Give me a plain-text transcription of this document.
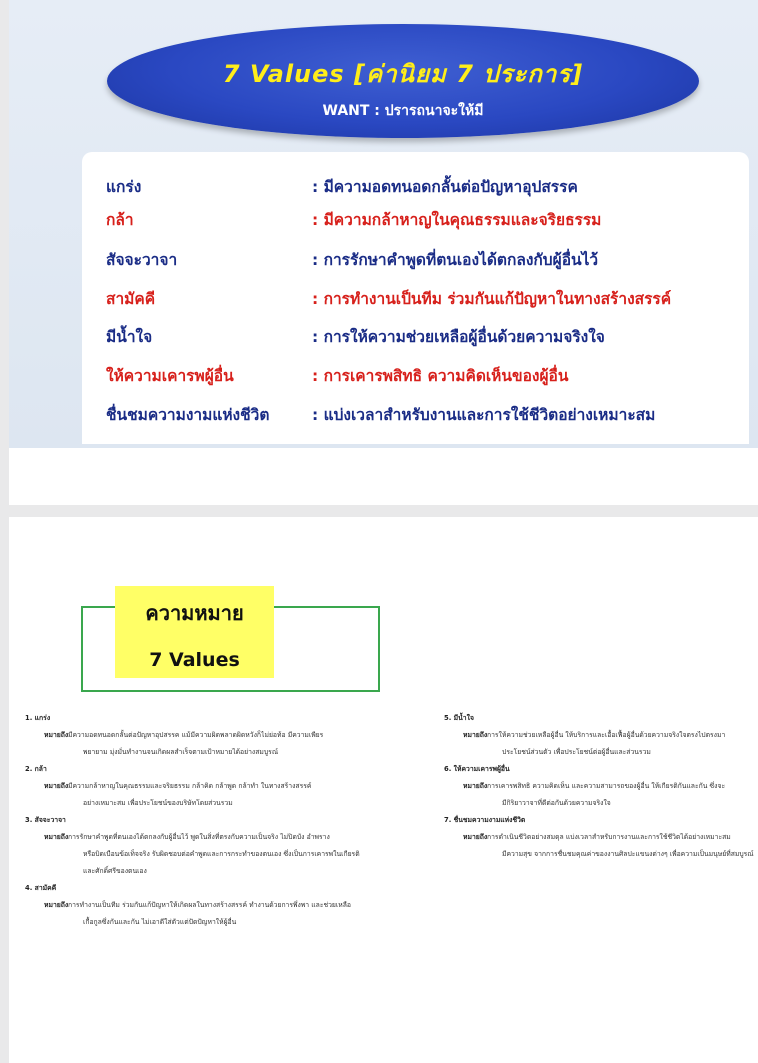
7 Values [ค่านิยม 7 ประการ]
WANT : ปรารถนาจะให้มี
แกร่ง	: มีความอดทนอดกลั้นต่อปัญหาอุปสรรค
กล้า	: มีความกล้าหาญในคุณธรรมและจริยธรรม
สัจจะวาจา	: การรักษาคำพูดที่ตนเองได้ตกลงกับผู้อื่นไว้
สามัคคี	: การทำงานเป็นทีม ร่วมกันแก้ปัญหาในทางสร้างสรรค์
มีน้ำใจ	: การให้ความช่วยเหลือผู้อื่นด้วยความจริงใจ
ให้ความเคารพผู้อื่น	: การเคารพสิทธิ ความคิดเห็นของผู้อื่น
ชื่นชมความงามแห่งชีวิต	: แบ่งเวลาสำหรับงานและการใช้ชีวิตอย่างเหมาะสม
ความหมาย
7 Values
1. แกร่ง
หมายถึง มีความอดทนอดกลั้นต่อปัญหาอุปสรรค แม้มีความผิดพลาดผิดหวังก็ไม่ย่อท้อ มีความเพียร
พยายาม มุ่งมั่นทำงานจนเกิดผลสำเร็จตามเป้าหมายได้อย่างสมบูรณ์
2. กล้า
หมายถึง มีความกล้าหาญในคุณธรรมและจริยธรรม กล้าคิด กล้าพูด กล้าทำ ในทางสร้างสรรค์
อย่างเหมาะสม เพื่อประโยชน์ของบริษัทโดยส่วนรวม
3. สัจจะวาจา
หมายถึง การรักษาคำพูดที่ตนเองได้ตกลงกับผู้อื่นไว้ พูดในสิ่งที่ตรงกับความเป็นจริง ไม่ปิดบัง อำพราง
หรือบิดเบือนข้อเท็จจริง รับผิดชอบต่อคำพูดและการกระทำของตนเอง ซึ่งเป็นการเคารพในเกียรติ
และศักดิ์ศรีของตนเอง
4. สามัคคี
หมายถึง การทำงานเป็นทีม ร่วมกันแก้ปัญหาให้เกิดผลในทางสร้างสรรค์ ทำงานด้วยการพึ่งพา และช่วยเหลือ
เกื้อกูลซึ่งกันและกัน ไม่เอาดีใส่ตัวแต่ปัดปัญหาให้ผู้อื่น
5. มีน้ำใจ
หมายถึง การให้ความช่วยเหลือผู้อื่น ให้บริการและเอื้อเฟื้อผู้อื่นด้วยความจริงใจตรงไปตรงมา
ประโยชน์ส่วนตัว เพื่อประโยชน์ต่อผู้อื่นและส่วนรวม
6. ให้ความเคารพผู้อื่น
หมายถึง การเคารพสิทธิ ความคิดเห็น และความสามารถของผู้อื่น ให้เกียรติกันและกัน ซึ่งจะ
มีกิริยาวาจาที่ดีต่อกันด้วยความจริงใจ
7. ชื่นชมความงามแห่งชีวิต
หมายถึง การดำเนินชีวิตอย่างสมดุล แบ่งเวลาสำหรับการงานและการใช้ชีวิตได้อย่างเหมาะสม
มีความสุข จากการชื่นชมคุณค่าของงานศิลปะแขนงต่างๆ เพื่อความเป็นมนุษย์ที่สมบูรณ์
